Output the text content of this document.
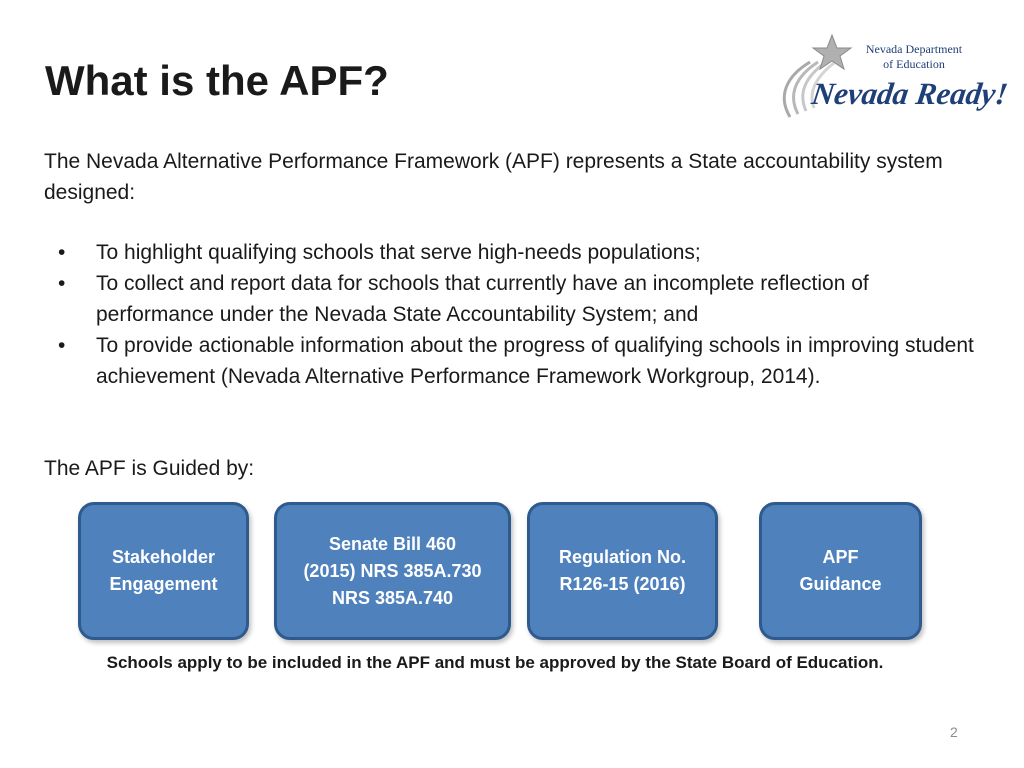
What is the APF?
Nevada Department
of Education
Nevada Ready!

The Nevada Alternative Performance Framework (APF) represents a State accountability system designed:

• To highlight qualifying schools that serve high-needs populations;
• To collect and report data for schools that currently have an incomplete reflection of performance under the Nevada State Accountability System; and
• To provide actionable information about the progress of qualifying schools in improving student achievement (Nevada Alternative Performance Framework Workgroup, 2014).

The APF is Guided by:

Stakeholder
Engagement
Senate Bill 460
(2015) NRS 385A.730
NRS 385A.740
Regulation No.
R126-15 (2016)
APF
Guidance

Schools apply to be included in the APF and must be approved by the State Board of Education.

2
